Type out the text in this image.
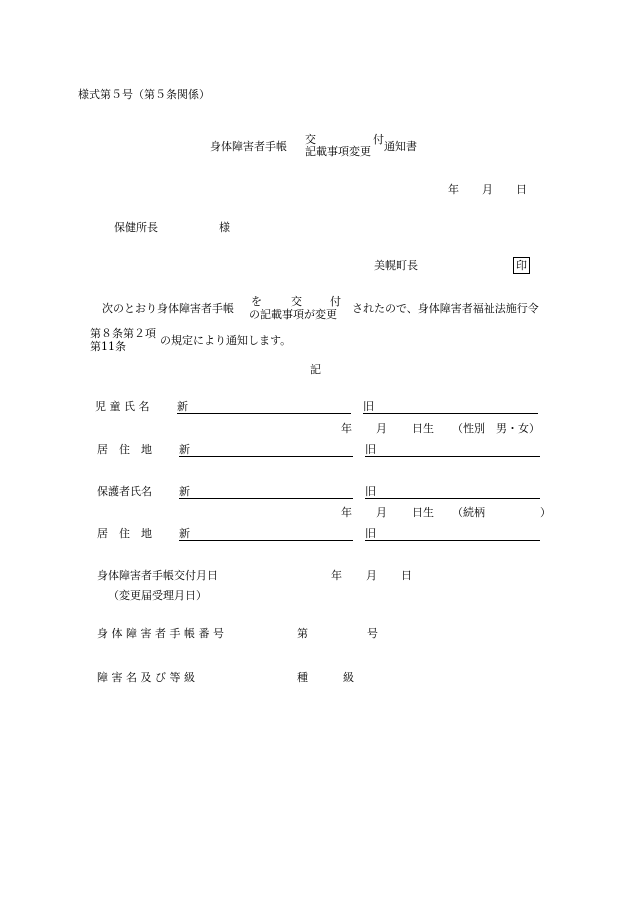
様式第５号（第５条関係）
身体障害者手帳
交
記載事項変更
付
通知書
年 月 日
保健所長	様
美幌町長	印
次のとおり身体障害者手帳
を	交	付
の 記載事項が変更 されたので、身体障害者福祉法施行令
第８条第２項
第11条	の規定により通知します。
記
児 童 氏 名	新	旧
年 月 日生 （性別　男・女）
居　住　地 新	旧
保護者氏名 新	旧
年 月 日生 （続柄　　　　　）
居　住　地 新	旧
身体障害者手帳交付月日	年 月 日
（変更届受理月日）
身 体 障 害 者 手 帳 番 号	第	号
障 害 名 及 び 等 級	種	級
